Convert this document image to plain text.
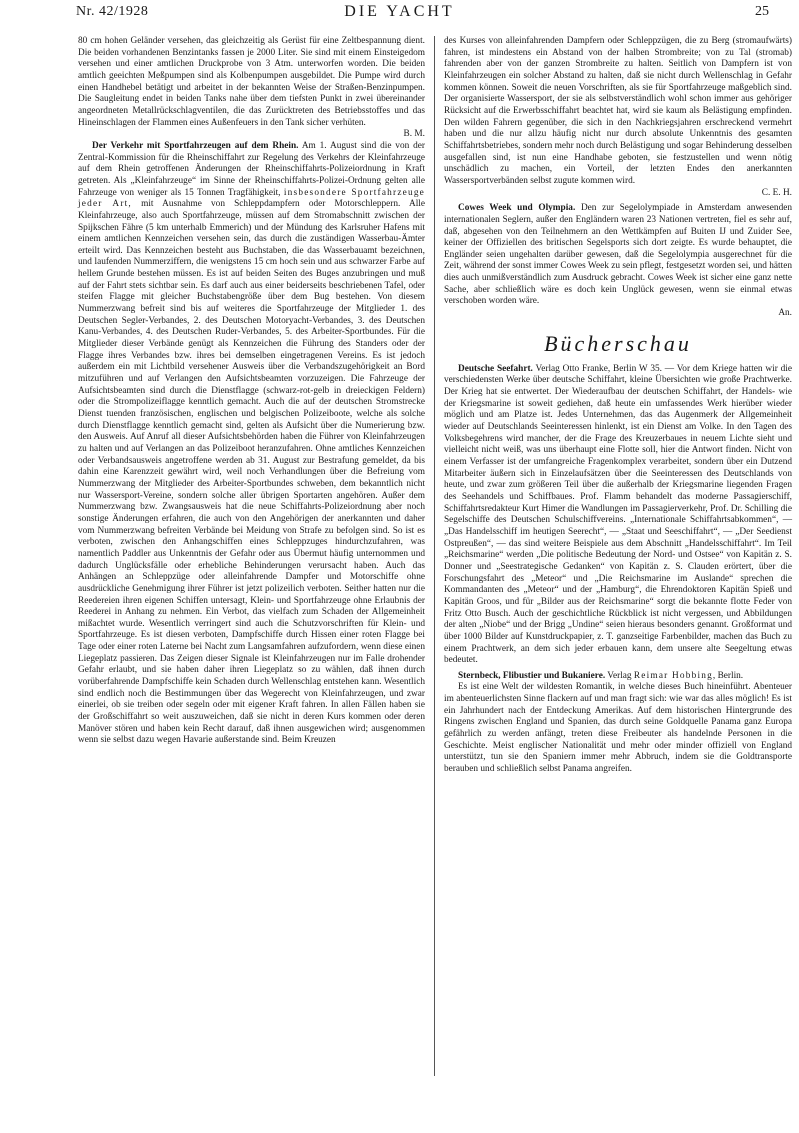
Nr. 42/1928	DIE YACHT	25

80 cm hohen Geländer versehen, das gleichzeitig als Gerüst für eine Zeltbespannung dient. Die beiden vorhandenen Benzintanks fassen je 2000 Liter. Sie sind mit einem Einsteigedom versehen und einer amtlichen Druckprobe von 3 Atm. unterworfen worden. Die beiden amtlich geeichten Meßpumpen sind als Kolbenpumpen ausgebildet. Die Pumpe wird durch einen Handhebel betätigt und arbeitet in der bekannten Weise der Straßen-Benzinpumpen. Die Saugleitung endet in beiden Tanks nahe über dem tiefsten Punkt in zwei übereinander angeordneten Metallrückschlagventilen, die das Zurücktreten des Betriebsstoffes und das Hineinschlagen der Flammen eines Außenfeuers in den Tank sicher verhüten.

B. M.

Der Verkehr mit Sportfahrzeugen auf dem Rhein. Am 1. August sind die von der Zentral-Kommission für die Rheinschiffahrt zur Regelung des Verkehrs der Kleinfahrzeuge auf dem Rhein getroffenen Änderungen der Rheinschiffahrts-Polizeiordnung in Kraft getreten. Als „Kleinfahrzeuge“ im Sinne der Rheinschiffahrts-Polizei-Ordnung gelten alle Fahrzeuge von weniger als 15 Tonnen Tragfähigkeit, insbesondere Sportfahrzeuge jeder Art, mit Ausnahme von Schleppdampfern oder Motorschleppern. Alle Kleinfahrzeuge, also auch Sportfahrzeuge, müssen auf dem Stromabschnitt zwischen der Spijkschen Fähre (5 km unterhalb Emmerich) und der Mündung des Karlsruher Hafens mit einem amtlichen Kennzeichen versehen sein, das durch die zuständigen Wasserbau-Ämter erteilt wird. Das Kennzeichen besteht aus Buchstaben, die das Wasserbauamt bezeichnen, und laufenden Nummerziffern, die wenigstens 15 cm hoch sein und aus schwarzer Farbe auf hellem Grunde bestehen müssen. Es ist auf beiden Seiten des Buges anzubringen und muß auf der Fahrt stets sichtbar sein. Es darf auch aus einer beiderseits beschriebenen Tafel, oder steifen Flagge mit gleicher Buchstabengröße über dem Bug bestehen. Von diesem Nummerzwang befreit sind bis auf weiteres die Sportfahrzeuge der Mitglieder 1. des Deutschen Segler-Verbandes, 2. des Deutschen Motoryacht-Verbandes, 3. des Deutschen Kanu-Verbandes, 4. des Deutschen Ruder-Verbandes, 5. des Arbeiter-Sportbundes. Für die Mitglieder dieser Verbände genügt als Kennzeichen die Führung des Standers oder der Flagge ihres Verbandes bzw. ihres bei demselben eingetragenen Vereins. Es ist jedoch außerdem ein mit Lichtbild versehener Ausweis über die Verbandszugehörigkeit an Bord mitzuführen und auf Verlangen den Aufsichtsbeamten vorzuzeigen. Die Fahrzeuge der Aufsichtsbeamten sind durch die Dienstflagge (schwarz-rot-gelb in dreieckigen Feldern) oder die Strompolizeiflagge kenntlich gemacht. Auch die auf der deutschen Stromstrecke Dienst tuenden französischen, englischen und belgischen Polizeiboote, welche als solche durch Dienstflagge kenntlich gemacht sind, gelten als Aufsicht über die Numerierung bzw. den Ausweis. Auf Anruf all dieser Aufsichtsbehörden haben die Führer von Kleinfahrzeugen zu halten und auf Verlangen an das Polizeiboot heranzufahren. Ohne amtliches Kennzeichen oder Verbandsausweis angetroffene werden ab 31. August zur Bestrafung gemeldet, da bis dahin eine Karenzzeit gewährt wird, weil noch Verhandlungen über die Befreiung vom Nummerzwang der Mitglieder des Arbeiter-Sportbundes schweben, dem bekanntlich nicht nur Wassersport-Vereine, sondern solche aller übrigen Sportarten angehören. Außer dem Nummerzwang bzw. Zwangsausweis hat die neue Schiffahrts-Polizeiordnung aber noch sonstige Änderungen erfahren, die auch von den Angehörigen der anerkannten und daher vom Nummerzwang befreiten Verbände bei Meidung von Strafe zu befolgen sind. So ist es verboten, zwischen den Anhangschiffen eines Schleppzuges hindurchzufahren, was namentlich Paddler aus Unkenntnis der Gefahr oder aus Übermut häufig unternommen und dadurch Unglücksfälle oder erhebliche Behinderungen verursacht haben. Auch das Anhängen an Schleppzüge oder alleinfahrende Dampfer und Motorschiffe ohne ausdrückliche Genehmigung ihrer Führer ist jetzt polizeilich verboten. Seither hatten nur die Reedereien ihren eigenen Schiffen untersagt, Klein- und Sportfahrzeuge ohne Erlaubnis der Reederei in Anhang zu nehmen. Ein Verbot, das vielfach zum Schaden der Allgemeinheit mißachtet wurde. Wesentlich verringert sind auch die Schutzvorschriften für Klein- und Sportfahrzeuge. Es ist diesen verboten, Dampfschiffe durch Hissen einer roten Flagge bei Tage oder einer roten Laterne bei Nacht zum Langsamfahren aufzufordern, wenn diese einen Liegeplatz passieren. Das Zeigen dieser Signale ist Kleinfahrzeugen nur im Falle drohender Gefahr erlaubt, und sie haben daher ihren Liegeplatz so zu wählen, daß ihnen durch vorüberfahrende Dampfschiffe kein Schaden durch Wellenschlag entstehen kann. Wesentlich sind endlich noch die Bestimmungen über das Wegerecht von Kleinfahrzeugen, und zwar einerlei, ob sie treiben oder segeln oder mit eigener Kraft fahren. In allen Fällen haben sie der Großschiffahrt so weit auszuweichen, daß sie nicht in deren Kurs kommen oder deren Manöver stören und haben kein Recht darauf, daß ihnen ausgewichen wird; ausgenommen wenn sie selbst dazu wegen Havarie außerstande sind. Beim Kreuzen

des Kurses von alleinfahrenden Dampfern oder Schleppzügen, die zu Berg (stromaufwärts) fahren, ist mindestens ein Abstand von der halben Strombreite; von zu Tal (stromab) fahrenden aber von der ganzen Strombreite zu halten. Seitlich von Dampfern ist von Kleinfahrzeugen ein solcher Abstand zu halten, daß sie nicht durch Wellenschlag in Gefahr kommen können. Soweit die neuen Vorschriften, als sie für Sportfahrzeuge maßgeblich sind. Der organisierte Wassersport, der sie als selbstverständlich wohl schon immer aus gehöriger Rücksicht auf die Erwerbsschiffahrt beachtet hat, wird sie kaum als Belästigung empfinden. Den wilden Fahrern gegenüber, die sich in den Nachkriegsjahren erschreckend vermehrt haben und die nur allzu häufig nicht nur durch absolute Unkenntnis des gesamten Schiffahrtsbetriebes, sondern mehr noch durch Belästigung und sogar Behinderung desselben ausgefallen sind, ist nun eine Handhabe geboten, sie festzustellen und wenn nötig unschädlich zu machen, ein Vorteil, der letzten Endes den anerkannten Wassersportverbänden selbst zugute kommen wird.

C. E. H.

Cowes Week und Olympia. Den zur Segelolympiade in Amsterdam anwesenden internationalen Seglern, außer den Engländern waren 23 Nationen vertreten, fiel es sehr auf, daß, abgesehen von den Teilnehmern an den Wettkämpfen auf Buiten IJ und Zuider See, keiner der Offiziellen des britischen Segelsports sich dort zeigte. Es wurde behauptet, die Engländer seien ungehalten darüber gewesen, daß die Segelolympia ausgerechnet für die Zeit, während der sonst immer Cowes Week zu sein pflegt, festgesetzt worden sei, und hätten dies auch unmißverständlich zum Ausdruck gebracht. Cowes Week ist sicher eine ganz nette Sache, aber schließlich wäre es doch kein Unglück gewesen, wenn sie einmal etwas verschoben worden wäre.

An.

Bücherschau

Deutsche Seefahrt. Verlag Otto Franke, Berlin W 35. — Vor dem Kriege hatten wir die verschiedensten Werke über deutsche Schiffahrt, kleine Übersichten wie große Prachtwerke. Der Krieg hat sie entwertet. Der Wiederaufbau der deutschen Schiffahrt, der Handels- wie der Kriegsmarine ist soweit gediehen, daß heute ein umfassendes Werk hierüber wieder möglich und am Platze ist. Jedes Unternehmen, das das Augenmerk der Allgemeinheit wieder auf Deutschlands Seeinteressen hinlenkt, ist ein Dienst am Volke. In den Tagen des Volksbegehrens wird mancher, der die Frage des Kreuzerbaues in neuem Lichte sieht und vielleicht nicht weiß, was uns überhaupt eine Flotte soll, hier die Antwort finden. Nicht von einem Verfasser ist der umfangreiche Fragenkomplex verarbeitet, sondern über ein Dutzend Mitarbeiter äußern sich in Einzelaufsätzen über die Seeinteressen des Deutschlands von heute, und zwar zum größeren Teil über die außerhalb der Kriegsmarine liegenden Fragen des Seehandels und Schiffbaues. Prof. Flamm behandelt das moderne Passagierschiff, Schiffahrtsredakteur Kurt Himer die Wandlungen im Passagierverkehr, Prof. Dr. Schilling die Segelschiffe des Deutschen Schulschiffvereins. „Internationale Schiffahrtsabkommen“, — „Das Handelsschiff im heutigen Seerecht“, — „Staat und Seeschiffahrt“, — „Der Seedienst Ostpreußen“, — das sind weitere Beispiele aus dem Abschnitt „Handelsschiffahrt“. Im Teil „Reichsmarine“ werden „Die politische Bedeutung der Nord- und Ostsee“ von Kapitän z. S. Donner und „Seestrategische Gedanken“ von Kapitän z. S. Clauden erörtert, über die Forschungsfahrt des „Meteor“ und „Die Reichsmarine im Auslande“ sprechen die Kommandanten des „Meteor“ und der „Hamburg“, die Ehrendoktoren Kapitän Spieß und Kapitän Groos, und für „Bilder aus der Reichsmarine“ sorgt die bekannte flotte Feder von Fritz Otto Busch. Auch der geschichtliche Rückblick ist nicht vergessen, und Abbildungen der alten „Niobe“ und der Brigg „Undine“ seien hieraus besonders genannt. Großformat und über 1000 Bilder auf Kunstdruckpapier, z. T. ganzseitige Farbenbilder, machen das Buch zu einem Prachtwerk, an dem sich jeder erbauen kann, dem unsere alte Seegeltung etwas bedeutet.

Sternbeck, Flibustier und Bukaniere. Verlag Reimar Hobbing, Berlin.

Es ist eine Welt der wildesten Romantik, in welche dieses Buch hineinführt. Abenteuer im abenteuerlichsten Sinne flackern auf und man fragt sich: wie war das alles möglich! Es ist ein Jahrhundert nach der Entdeckung Amerikas. Auf dem historischen Hintergrunde des Ringens zwischen England und Spanien, das durch seine Goldquelle Panama ganz Europa gefährlich zu werden anfängt, treten diese Freibeuter als handelnde Personen in die Geschichte. Meist englischer Nationalität und mehr oder minder offiziell von England unterstützt, tun sie den Spaniern immer mehr Abbruch, indem sie die Goldtransporte berauben und schließlich selbst Panama angreifen.
